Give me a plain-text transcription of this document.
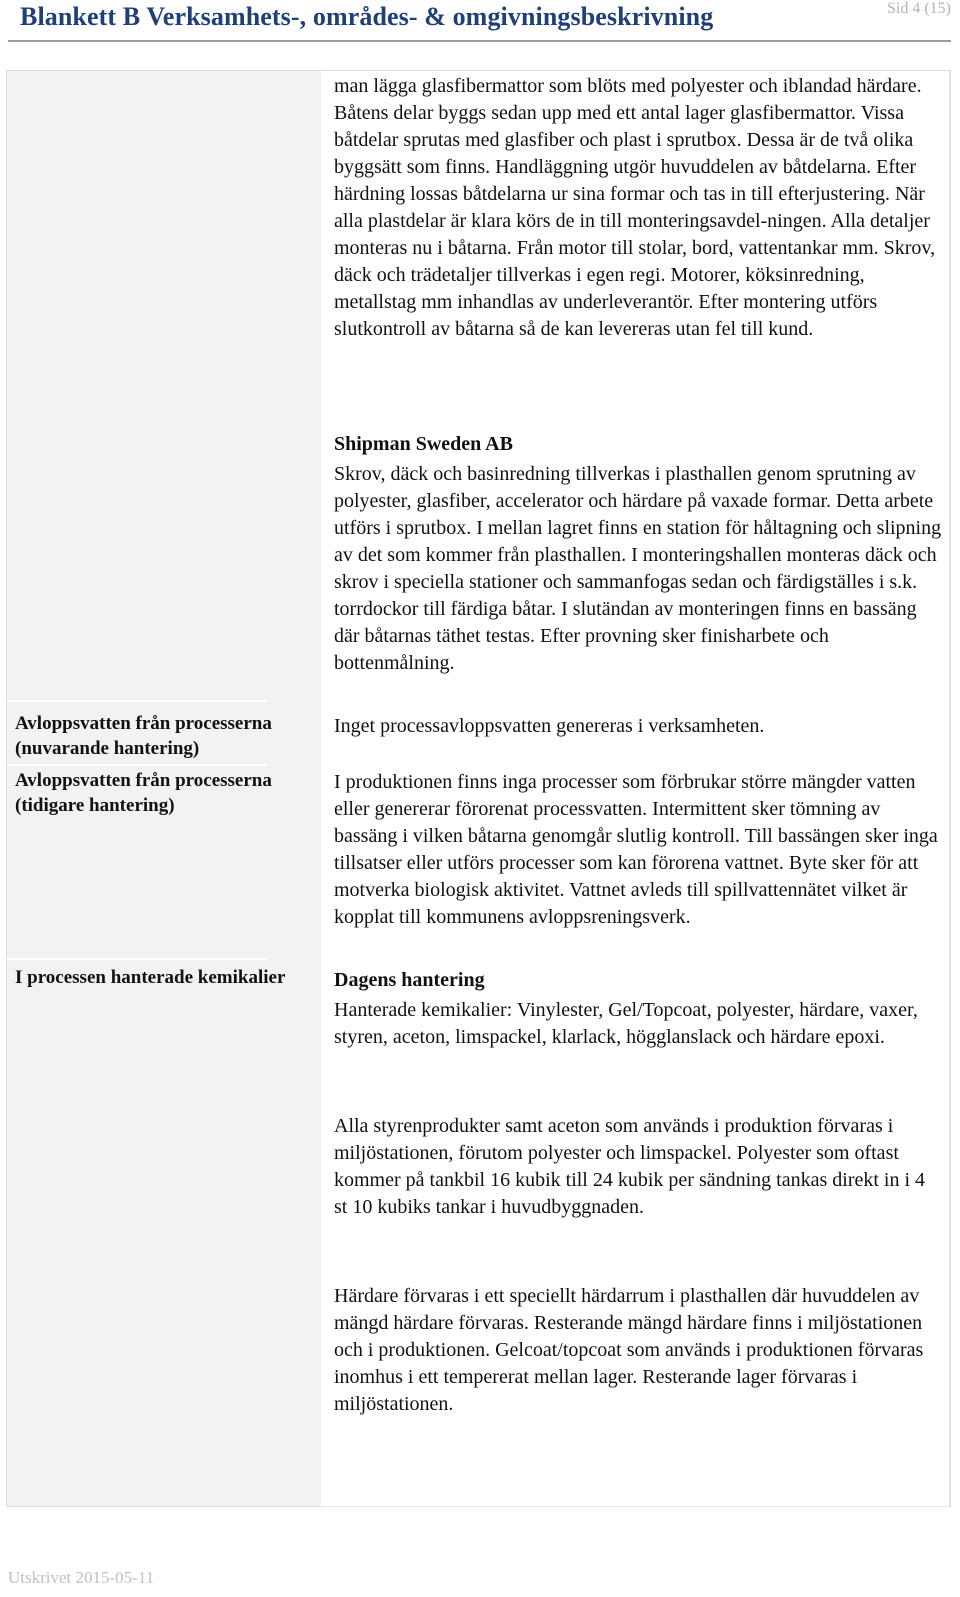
Blankett B Verksamhets-, områdes- & omgivningsbeskrivning	Sid 4 (15)
Avloppsvatten från processerna (nuvarande hantering)
Avloppsvatten från processerna (tidigare hantering)
I processen hanterade kemikalier
man lägga glasfibermattor som blöts med polyester och iblandad härdare. Båtens delar byggs sedan upp med ett antal lager glasfibermattor. Vissa båtdelar sprutas med glasfiber och plast i sprutbox. Dessa är de två olika byggsätt som finns. Handläggning utgör huvuddelen av båtdelarna. Efter härdning lossas båtdelarna ur sina formar och tas in till efterjustering. När alla plastdelar är klara körs de in till monteringsavdel-ningen. Alla detaljer monteras nu i båtarna. Från motor till stolar, bord, vattentankar mm. Skrov, däck och trädetaljer tillverkas i egen regi. Motorer, köksinredning, metallstag mm inhandlas av underleverantör. Efter montering utförs slutkontroll av båtarna så de kan levereras utan fel till kund.
Shipman Sweden AB
Skrov, däck och basinredning tillverkas i plasthallen genom sprutning av polyester, glasfiber, accelerator och härdare på vaxade formar. Detta arbete utförs i sprutbox. I mellan lagret finns en station för håltagning och slipning av det som kommer från plasthallen. I monteringshallen monteras däck och skrov i speciella stationer och sammanfogas sedan och färdigställes i s.k. torrdockor till färdiga båtar. I slutändan av monteringen finns en bassäng där båtarnas täthet testas. Efter provning sker finisharbete och bottenmålning.
Inget processavloppsvatten genereras i verksamheten.
I produktionen finns inga processer som förbrukar större mängder vatten eller genererar förorenat processvatten. Intermittent sker tömning av bassäng i vilken båtarna genomgår slutlig kontroll. Till bassängen sker inga tillsatser eller utförs processer som kan förorena vattnet. Byte sker för att motverka biologisk aktivitet. Vattnet avleds till spillvattennätet vilket är kopplat till kommunens avloppsreningsverk.
Dagens hantering
Hanterade kemikalier: Vinylester, Gel/Topcoat, polyester, härdare, vaxer, styren, aceton, limspackel, klarlack, högglanslack och härdare epoxi.
Alla styrenprodukter samt aceton som används i produktion förvaras i miljöstationen, förutom polyester och limspackel. Polyester som oftast kommer på tankbil 16 kubik till 24 kubik per sändning tankas direkt in i 4 st 10 kubiks tankar i huvudbyggnaden.
Härdare förvaras i ett speciellt härdarrum i plasthallen där huvuddelen av mängd härdare förvaras. Resterande mängd härdare finns i miljöstationen och i produktionen. Gelcoat/topcoat som används i produktionen förvaras inomhus i ett tempererat mellan lager. Resterande lager förvaras i miljöstationen.
Utskrivet 2015-05-11
